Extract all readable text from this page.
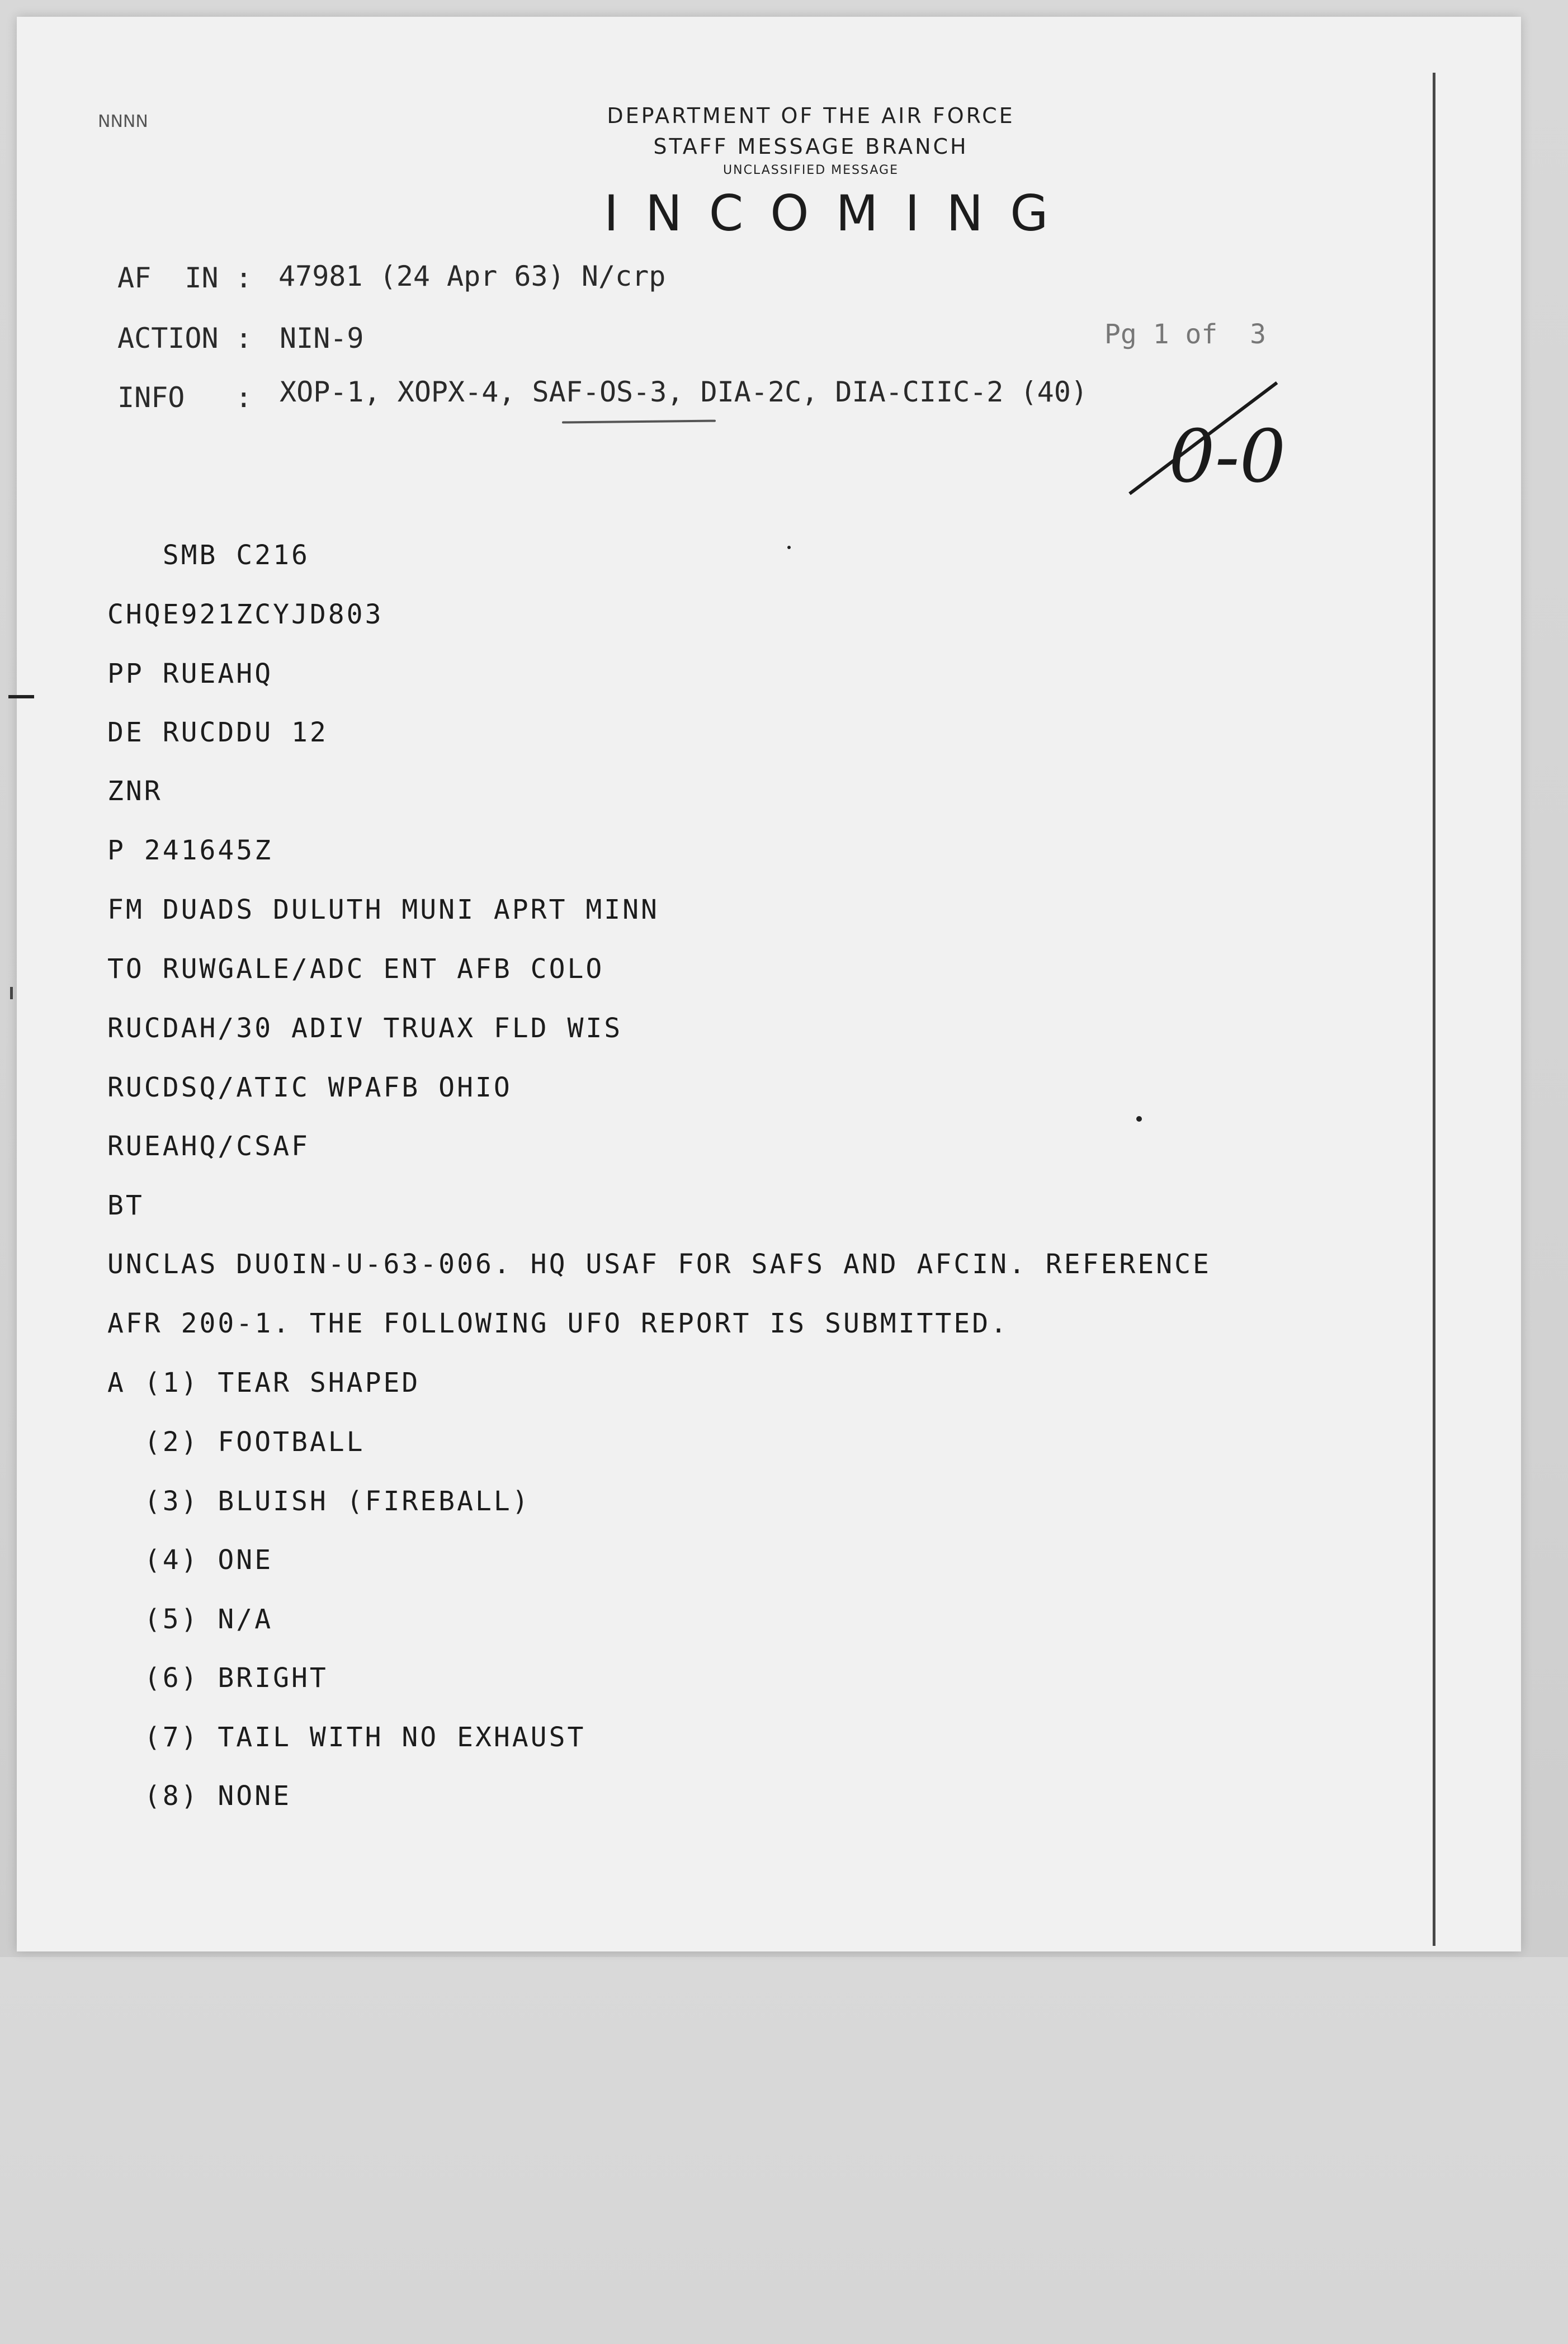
NNNN	DEPARTMENT OF THE AIR FORCE
STAFF MESSAGE BRANCH
UNCLASSIFIED MESSAGE
INCOMING
AF  IN : 47981 (24 Apr 63) N/crp
ACTION : NIN-9	Pg 1 of  3
INFO   : XOP-1, XOPX-4, SAF-OS-3, DIA-2C, DIA-CIIC-2 (40)
0-0
SMB C216
CHQE921ZCYJD803
PP RUEAHQ
DE RUCDDU 12
ZNR
P 241645Z
FM DUADS DULUTH MUNI APRT MINN
TO RUWGALE/ADC ENT AFB COLO
RUCDAH/30 ADIV TRUAX FLD WIS
RUCDSQ/ATIC WPAFB OHIO
RUEAHQ/CSAF
BT
UNCLAS DUOIN-U-63-006. HQ USAF FOR SAFS AND AFCIN. REFERENCE
AFR 200-1. THE FOLLOWING UFO REPORT IS SUBMITTED.
A (1) TEAR SHAPED
(2) FOOTBALL
(3) BLUISH (FIREBALL)
(4) ONE
(5) N/A
(6) BRIGHT
(7) TAIL WITH NO EXHAUST
(8) NONE
